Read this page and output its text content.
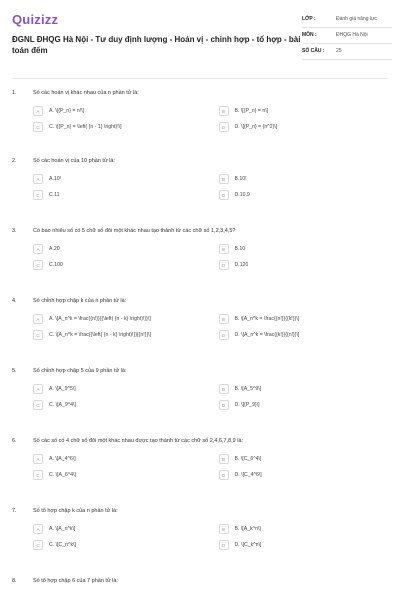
Quizizz
ĐGNL ĐHQG Hà Nội - Tư duy định lượng - Hoán vị - chỉnh hợp - tổ hợp - bài toán đếm
LỚP :	Đánh giá năng lực
MÔN :	ĐHQG Hà Nội
SỐ CÂU :	25
1.	Số các hoán vị khác nhau của n phần tử là:
A	A. \[{P_n} = n!\]	B	B. \[{P_n} = n\]
C	C. \[{P_n} = \left( {n - 1} \right)!\]	D	D. \[{P_n} = {n^2}\]
2.	Số các hoán vị của 10 phần tử là:
A	A.10²	B	B.10!
C	C.11	D	D.10.9
3.	Có bao nhiêu số có 5 chữ số đôi một khác nhau tạo thành từ các chữ số 1,2,3,4,5?
A	A.20	B	B.10
C	C.100	D	D.120
4.	Số chỉnh hợp chập k của n phần tử là:
A	A. \[A_n^k = \frac{{n!}}{{\left( {n - k} \right)!}}\]	B	B. \[A_n^k = \frac{{n!}}{{k!}}\]
C	C. \[A_n^k = \frac{{\left( {n - k} \right)!}}{{n!}}\]	D	D. \[A_n^k = \frac{{k!}}{{n!}}\]
5.	Số chỉnh hợp chập 5 của 9 phần tử là:
A	A. \[A_9^5\]	B	B. \[A_5^9\]
C	C. \[A_9^4\]	D	D. \[{P_9}\]
6.	Số các số có 4 chữ số đôi một khác nhau được tạo thành từ các chữ số 2,4,6,7,8,9 là:
A	A. \[A_4^6\]	B	B. \[C_6^4\]
C	C. \[A_6^4\]	D	D. \[C_4^6\]
7.	Số tổ hợp chập k của n phần tử là:
A	A. \[A_n^k\]	B	B. \[A_k^n\]
C	C. \[C_n^k\]	D	D. \[C_k^n\]
8.	Số tổ hợp chập 6 của 7 phần tử là:
